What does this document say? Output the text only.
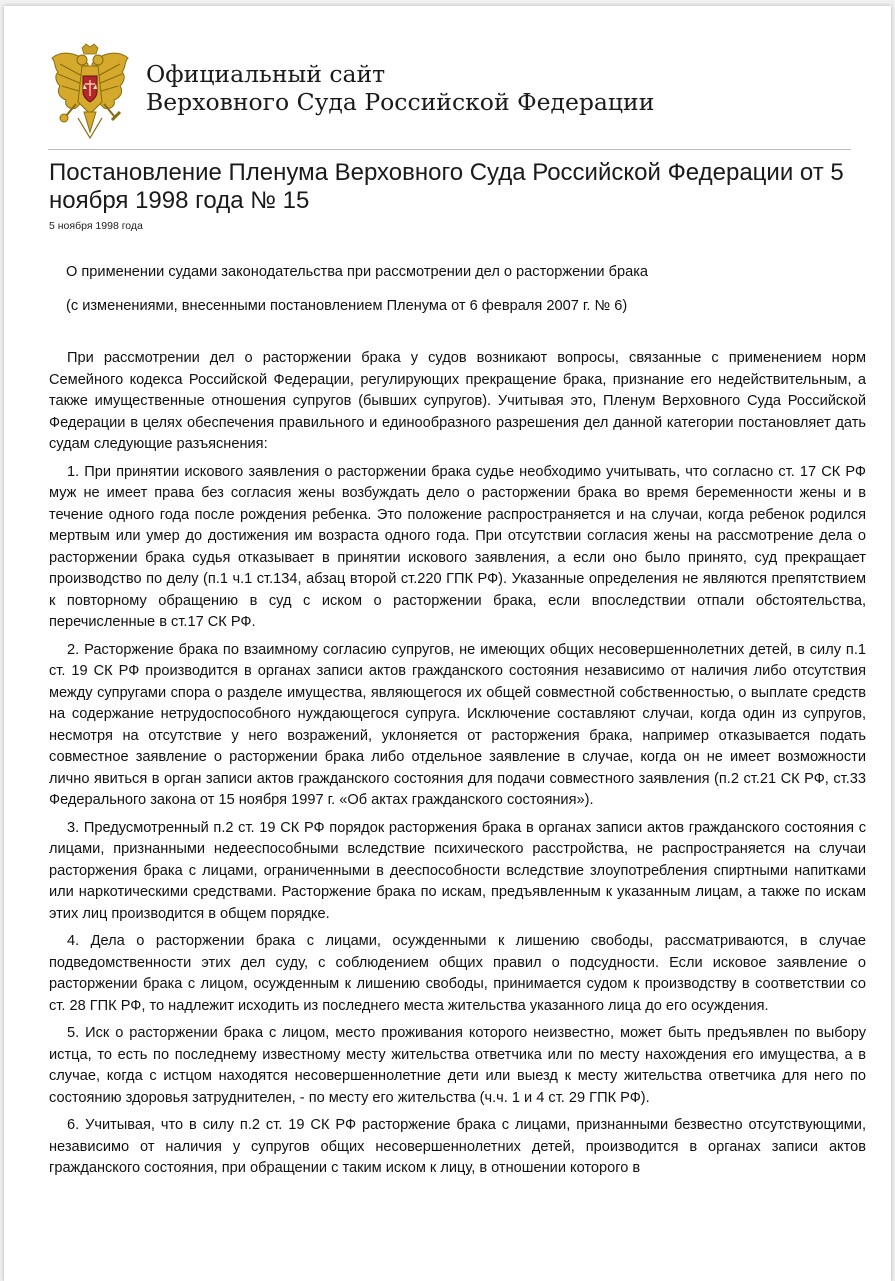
Официальный сайт
Верховного Суда Российской Федерации
Постановление Пленума Верховного Суда Российской Федерации от 5 ноября 1998 года № 15
5 ноября 1998 года
О применении судами законодательства при рассмотрении дел о расторжении брака
(с изменениями, внесенными постановлением Пленума от 6 февраля 2007 г. № 6)

При рассмотрении дел о расторжении брака у судов возникают вопросы, связанные с применением норм Семейного кодекса Российской Федерации, регулирующих прекращение брака, признание его недействительным, а также имущественные отношения супругов (бывших супругов). Учитывая это, Пленум Верховного Суда Российской Федерации в целях обеспечения правильного и единообразного разрешения дел данной категории постановляет дать судам следующие разъяснения:

1. При принятии искового заявления о расторжении брака судье необходимо учитывать, что согласно ст. 17 СК РФ муж не имеет права без согласия жены возбуждать дело о расторжении брака во время беременности жены и в течение одного года после рождения ребенка. Это положение распространяется и на случаи, когда ребенок родился мертвым или умер до достижения им возраста одного года. При отсутствии согласия жены на рассмотрение дела о расторжении брака судья отказывает в принятии искового заявления, а если оно было принято, суд прекращает производство по делу (п.1 ч.1 ст.134, абзац второй ст.220 ГПК РФ). Указанные определения не являются препятствием к повторному обращению в суд с иском о расторжении брака, если впоследствии отпали обстоятельства, перечисленные в ст.17 СК РФ.

2. Расторжение брака по взаимному согласию супругов, не имеющих общих несовершеннолетних детей, в силу п.1 ст. 19 СК РФ производится в органах записи актов гражданского состояния независимо от наличия либо отсутствия между супругами спора о разделе имущества, являющегося их общей совместной собственностью, о выплате средств на содержание нетрудоспособного нуждающегося супруга. Исключение составляют случаи, когда один из супругов, несмотря на отсутствие у него возражений, уклоняется от расторжения брака, например отказывается подать совместное заявление о расторжении брака либо отдельное заявление в случае, когда он не имеет возможности лично явиться в орган записи актов гражданского состояния для подачи совместного заявления (п.2 ст.21 СК РФ, ст.33 Федерального закона от 15 ноября 1997 г. «Об актах гражданского состояния»).

3. Предусмотренный п.2 ст. 19 СК РФ порядок расторжения брака в органах записи актов гражданского состояния с лицами, признанными недееспособными вследствие психического расстройства, не распространяется на случаи расторжения брака с лицами, ограниченными в дееспособности вследствие злоупотребления спиртными напитками или наркотическими средствами. Расторжение брака по искам, предъявленным к указанным лицам, а также по искам этих лиц производится в общем порядке.

4. Дела о расторжении брака с лицами, осужденными к лишению свободы, рассматриваются, в случае подведомственности этих дел суду, с соблюдением общих правил о подсудности. Если исковое заявление о расторжении брака с лицом, осужденным к лишению свободы, принимается судом к производству в соответствии со ст. 28 ГПК РФ, то надлежит исходить из последнего места жительства указанного лица до его осуждения.

5. Иск о расторжении брака с лицом, место проживания которого неизвестно, может быть предъявлен по выбору истца, то есть по последнему известному месту жительства ответчика или по месту нахождения его имущества, а в случае, когда с истцом находятся несовершеннолетние дети или выезд к месту жительства ответчика для него по состоянию здоровья затруднителен, - по месту его жительства (ч.ч. 1 и 4 ст. 29 ГПК РФ).

6. Учитывая, что в силу п.2 ст. 19 СК РФ расторжение брака с лицами, признанными безвестно отсутствующими, независимо от наличия у супругов общих несовершеннолетних детей, производится в органах записи актов гражданского состояния, при обращении с таким иском к лицу, в отношении которого в
